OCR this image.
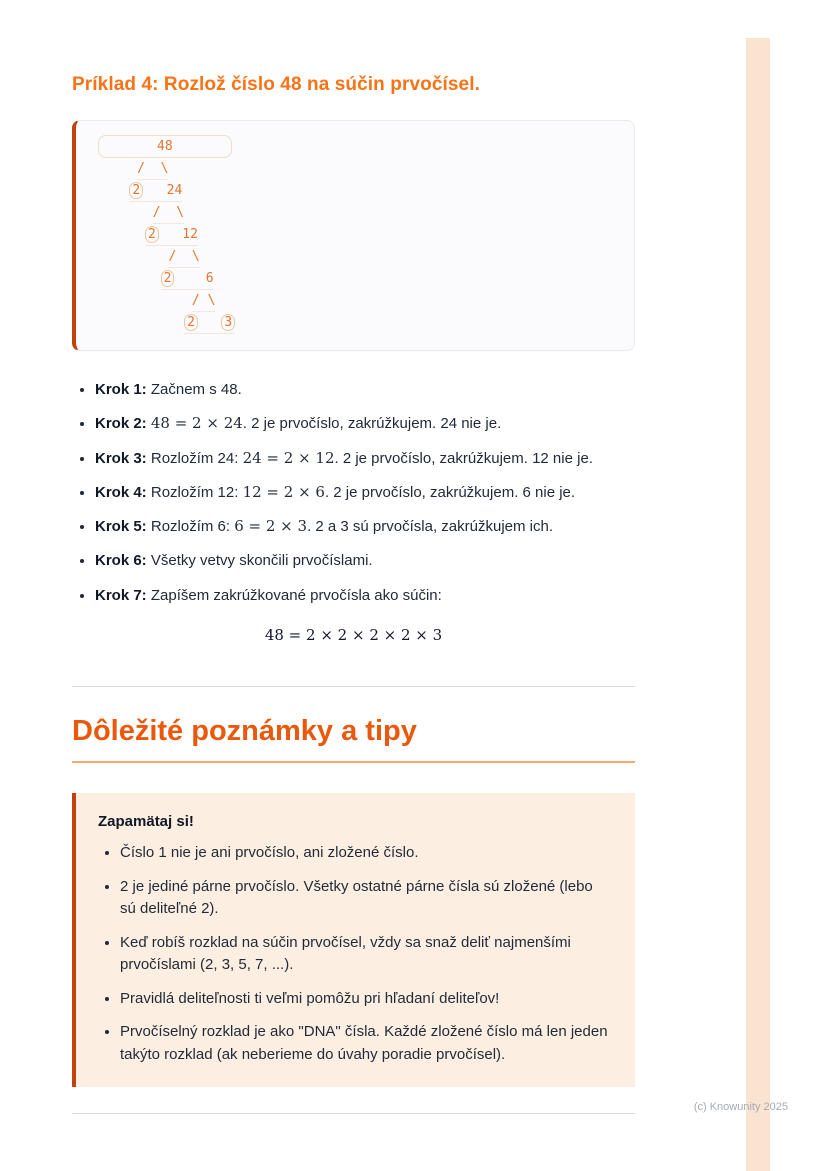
Príklad 4: Rozlož číslo 48 na súčin prvočísel.
48
/  \
2 24
/  \
2 12
/  \
2	6
/ \
2 3
• Krok 1: Začnem s 48.
• Krok 2: 48 = 2 × 24. 2 je prvočíslo, zakrúžkujem. 24 nie je.
• Krok 3: Rozložím 24: 24 = 2 × 12. 2 je prvočíslo, zakrúžkujem. 12 nie je.
• Krok 4: Rozložím 12: 12 = 2 × 6. 2 je prvočíslo, zakrúžkujem. 6 nie je.
• Krok 5: Rozložím 6: 6 = 2 × 3. 2 a 3 sú prvočísla, zakrúžkujem ich.
• Krok 6: Všetky vetvy skončili prvočíslami.
• Krok 7: Zapíšem zakrúžkované prvočísla ako súčin:
48 = 2 × 2 × 2 × 2 × 3
Dôležité poznámky a tipy
Zapamätaj si!
• Číslo 1 nie je ani prvočíslo, ani zložené číslo.
• 2 je jediné párne prvočíslo. Všetky ostatné párne čísla sú zložené (lebo sú deliteľné 2).
• Keď robíš rozklad na súčin prvočísel, vždy sa snaž deliť najmenšími prvočíslami (2, 3, 5, 7, ...).
• Pravidlá deliteľnosti ti veľmi pomôžu pri hľadaní deliteľov!
• Prvočíselný rozklad je ako "DNA" čísla. Každé zložené číslo má len jeden takýto rozklad (ak neberieme do úvahy poradie prvočísel).
(c) Knowunity 2025
